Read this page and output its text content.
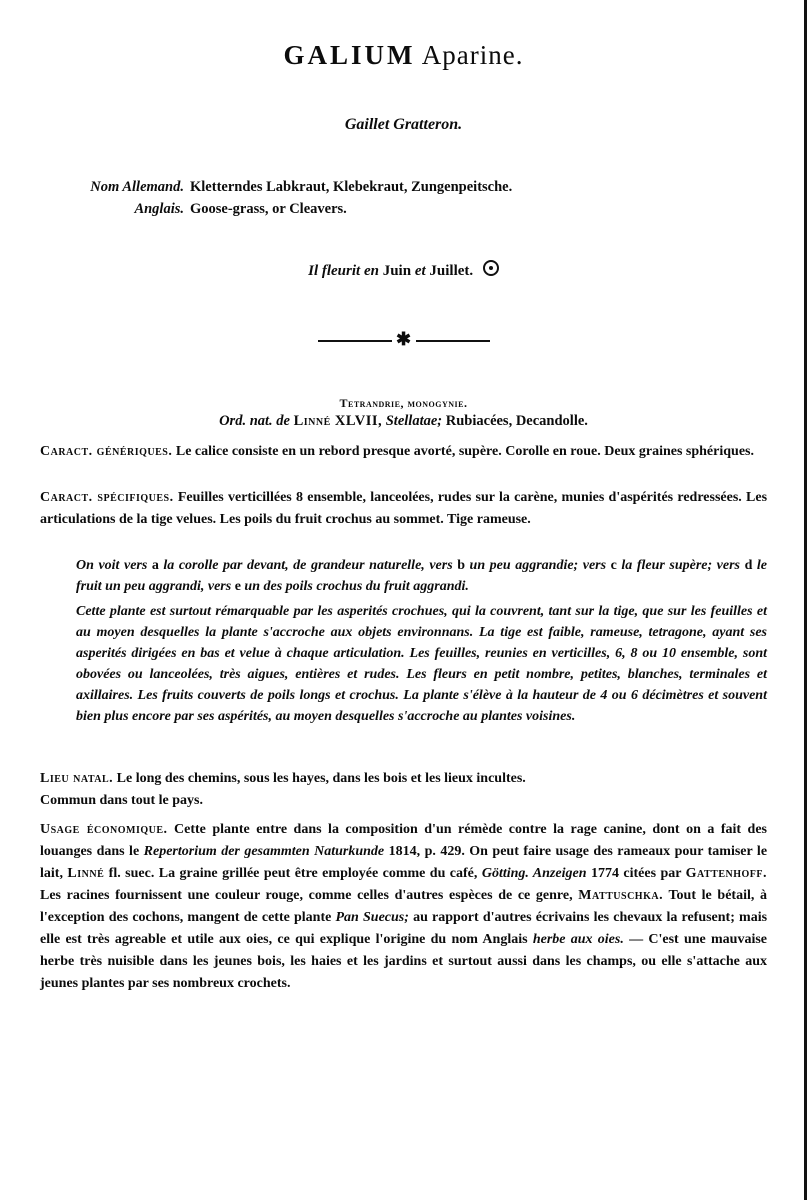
GALIUM Aparine.
Gaillet Gratteron.
Nom Allemand. Kletterndes Labkraut, Klebekraut, Zungenpeitsche.
Anglais. Goose-grass, or Cleavers.
Il fleurit en Juin et Juillet.
✱
Tetrandrie, monogynie.
Ord. nat. de Linné XLVII, Stellatae; Rubiacées, Decandolle.

Caract. génériques. Le calice consiste en un rebord presque avorté, supère. Corolle en roue. Deux graines sphériques.

Caract. spécifiques. Feuilles verticillées 8 ensemble, lanceolées, rudes sur la carène, munies d'aspérités redressées. Les articulations de la tige velues. Les poils du fruit crochus au sommet. Tige rameuse.

On voit vers a la corolle par devant, de grandeur naturelle, vers b un peu aggrandie; vers c la fleur supère; vers d le fruit un peu aggrandi, vers e un des poils crochus du fruit aggrandi.
Cette plante est surtout rémarquable par les asperités crochues, qui la couvrent, tant sur la tige, que sur les feuilles et au moyen desquelles la plante s'accroche aux objets environnans. La tige est faible, rameuse, tetragone, ayant ses asperités dirigées en bas et velue à chaque articulation. Les feuilles, reunies en verticilles, 6, 8 ou 10 ensemble, sont obovées ou lanceolées, très aigues, entières et rudes. Les fleurs en petit nombre, petites, blanches, terminales et axillaires. Les fruits couverts de poils longs et crochus. La plante s'élève à la hauteur de 4 ou 6 décimètres et souvent bien plus encore par ses aspérités, au moyen desquelles s'accroche au plantes voisines.

Lieu natal. Le long des chemins, sous les hayes, dans les bois et les lieux incultes.

Commun dans tout le pays.

Usage économique. Cette plante entre dans la composition d'un rémède contre la rage canine, dont on a fait des louanges dans le Repertorium der gesammten Naturkunde 1814, p. 429. On peut faire usage des rameaux pour tamiser le lait, Linné fl. suec. La graine grillée peut être employée comme du café, Götting. Anzeigen 1774 citées par Gattenhoff. Les racines fournissent une couleur rouge, comme celles d'autres espèces de ce genre, Mattuschka. Tout le bétail, à l'exception des cochons, mangent de cette plante Pan Suecus; au rapport d'autres écrivains les chevaux la refusent; mais elle est très agreable et utile aux oies, ce qui explique l'origine du nom Anglais herbe aux oies. — C'est une mauvaise herbe très nuisible dans les jeunes bois, les haies et les jardins et surtout aussi dans les champs, ou elle s'attache aux jeunes plantes par ses nombreux crochets.
